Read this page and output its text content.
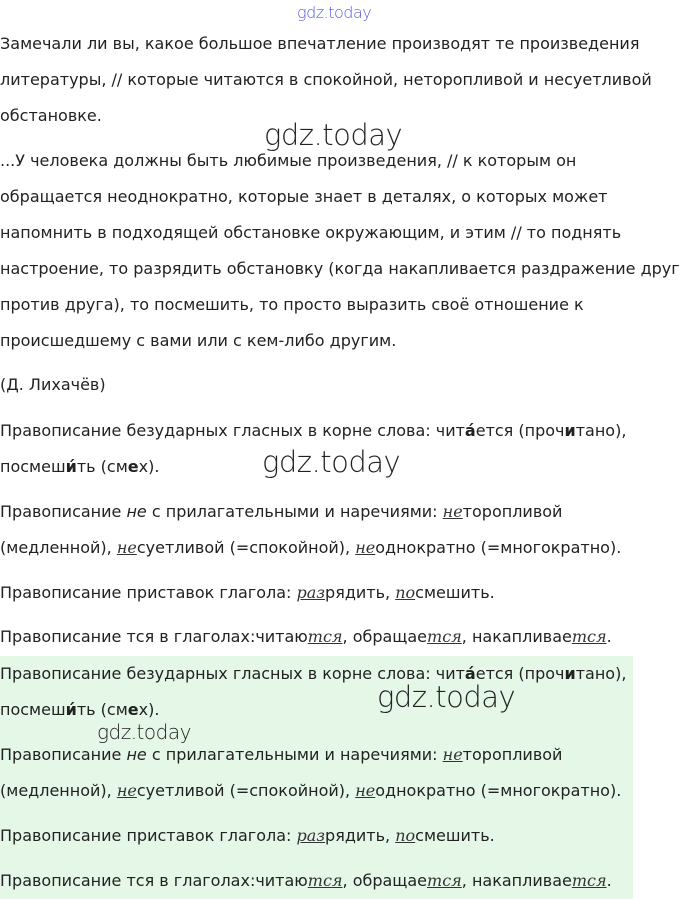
gdz.today
Замечали ли вы, какое большое впечатление производят те произведения
литературы, // которые читаются в спокойной, неторопливой и несуетливой
обстановке.
gdz.today
...У человека должны быть любимые произведения, // к которым он
обращается неоднократно, которые знает в деталях, о которых может
напомнить в подходящей обстановке окружающим, и этим // то поднять
настроение, то разрядить обстановку (когда накапливается раздражение друг
против друга), то посмешить, то просто выразить своё отношение к
происшедшему с вами или с кем-либо другим.
(Д. Лихачёв)
Правописание безударных гласных в корне слова: чита́ется (прочитано),
посмеши́ть (смех).	gdz.today
Правописание не с прилагательными и наречиями: неторопливой
(медленной), несуетливой (=спокойной), неоднократно (=многократно).
Правописание приставок глагола: разрядить, посмешить.
Правописание тся в глаголах:читаются, обращается, накапливается.
Правописание безударных гласных в корне слова: чита́ется (прочитано),
посмеши́ть (смех).	gdz.today
gdz.today
Правописание не с прилагательными и наречиями: неторопливой
(медленной), несуетливой (=спокойной), неоднократно (=многократно).
Правописание приставок глагола: разрядить, посмешить.
Правописание тся в глаголах:читаются, обращается, накапливается.
